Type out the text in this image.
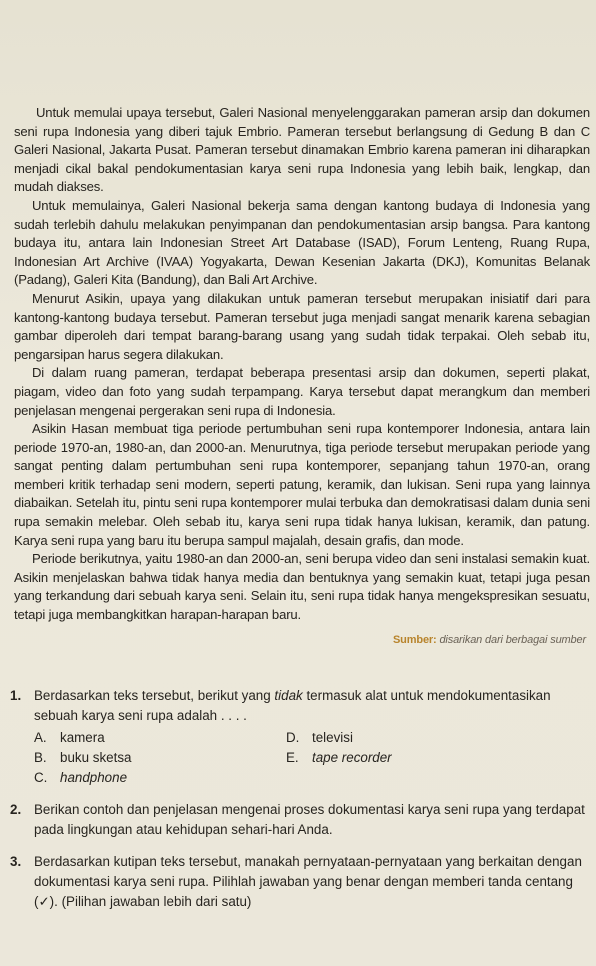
Untuk memulai upaya tersebut, Galeri Nasional menyelenggarakan pameran arsip dan dokumen seni rupa Indonesia yang diberi tajuk Embrio. Pameran tersebut berlangsung di Gedung B dan C Galeri Nasional, Jakarta Pusat. Pameran tersebut dinamakan Embrio karena pameran ini diharapkan menjadi cikal bakal pendokumentasian karya seni rupa Indonesia yang lebih baik, lengkap, dan mudah diakses.

Untuk memulainya, Galeri Nasional bekerja sama dengan kantong budaya di Indonesia yang sudah terlebih dahulu melakukan penyimpanan dan pendokumentasian arsip bangsa. Para kantong budaya itu, antara lain Indonesian Street Art Database (ISAD), Forum Lenteng, Ruang Rupa, Indonesian Art Archive (IVAA) Yogyakarta, Dewan Kesenian Jakarta (DKJ), Komunitas Belanak (Padang), Galeri Kita (Bandung), dan Bali Art Archive.

Menurut Asikin, upaya yang dilakukan untuk pameran tersebut merupakan inisiatif dari para kantong-kantong budaya tersebut. Pameran tersebut juga menjadi sangat menarik karena sebagian gambar diperoleh dari tempat barang-barang usang yang sudah tidak terpakai. Oleh sebab itu, pengarsipan harus segera dilakukan.

Di dalam ruang pameran, terdapat beberapa presentasi arsip dan dokumen, seperti plakat, piagam, video dan foto yang sudah terpampang. Karya tersebut dapat merangkum dan memberi penjelasan mengenai pergerakan seni rupa di Indonesia.

Asikin Hasan membuat tiga periode pertumbuhan seni rupa kontemporer Indonesia, antara lain periode 1970-an, 1980-an, dan 2000-an. Menurutnya, tiga periode tersebut merupakan periode yang sangat penting dalam pertumbuhan seni rupa kontemporer, sepanjang tahun 1970-an, orang memberi kritik terhadap seni modern, seperti patung, keramik, dan lukisan. Seni rupa yang lainnya diabaikan. Setelah itu, pintu seni rupa kontemporer mulai terbuka dan demokratisasi dalam dunia seni rupa semakin melebar. Oleh sebab itu, karya seni rupa tidak hanya lukisan, keramik, dan patung. Karya seni rupa yang baru itu berupa sampul majalah, desain grafis, dan mode.

Periode berikutnya, yaitu 1980-an dan 2000-an, seni berupa video dan seni instalasi semakin kuat. Asikin menjelaskan bahwa tidak hanya media dan bentuknya yang semakin kuat, tetapi juga pesan yang terkandung dari sebuah karya seni. Selain itu, seni rupa tidak hanya mengekspresikan sesuatu, tetapi juga membangkitkan harapan-harapan baru.

Sumber: disarikan dari berbagai sumber
1. Berdasarkan teks tersebut, berikut yang tidak termasuk alat untuk mendokumentasikan sebuah karya seni rupa adalah . . . .
A. kamera	D. televisi
B. buku sketsa	E. tape recorder
C. handphone
2. Berikan contoh dan penjelasan mengenai proses dokumentasi karya seni rupa yang terdapat pada lingkungan atau kehidupan sehari-hari Anda.
3. Berdasarkan kutipan teks tersebut, manakah pernyataan-pernyataan yang berkaitan dengan dokumentasi karya seni rupa. Pilihlah jawaban yang benar dengan memberi tanda centang (✓). (Pilihan jawaban lebih dari satu)
